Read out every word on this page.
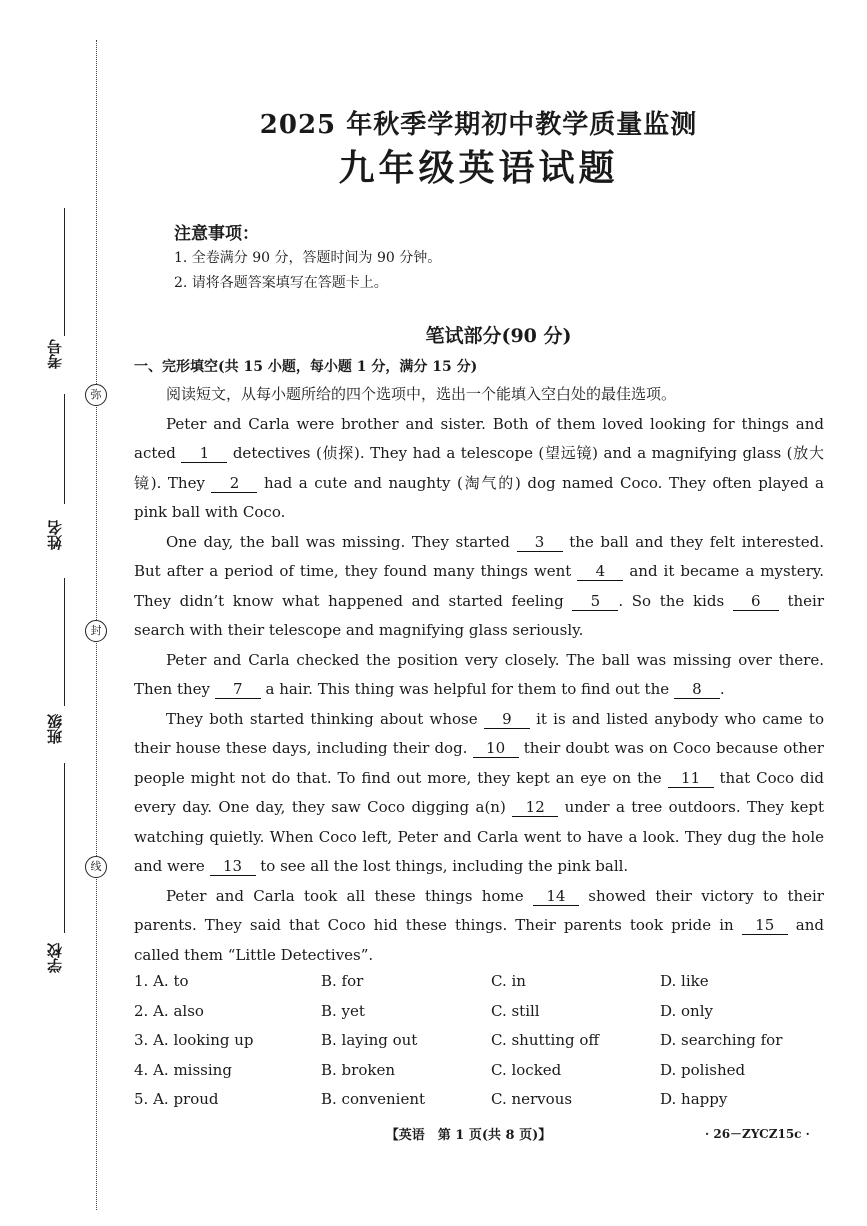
考号
姓名
班级
学校
弥
封
线
2025 年秋季学期初中教学质量监测
九年级英语试题
注意事项：
1. 全卷满分 90 分，答题时间为 90 分钟。
2. 请将各题答案填写在答题卡上。
笔试部分(90 分)
一、完形填空(共 15 小题，每小题 1 分，满分 15 分)

阅读短文，从每小题所给的四个选项中，选出一个能填入空白处的最佳选项。

Peter and Carla were brother and sister. Both of them loved looking for things and acted 1 detectives (侦探). They had a telescope (望远镜) and a magnifying glass (放大镜). They 2 had a cute and naughty (淘气的) dog named Coco. They often played a pink ball with Coco.

One day, the ball was missing. They started 3 the ball and they felt interested. But after a period of time, they found many things went 4 and it became a mystery. They didn’t know what happened and started feeling 5 . So the kids 6 their search with their telescope and magnifying glass seriously.

Peter and Carla checked the position very closely. The ball was missing over there. Then they 7 a hair. This thing was helpful for them to find out the 8 .

They both started thinking about whose 9 it is and listed anybody who came to their house these days, including their dog. 10 their doubt was on Coco because other people might not do that. To find out more, they kept an eye on the 11 that Coco did every day. One day, they saw Coco digging a(n) 12 under a tree outdoors. They kept watching quietly. When Coco left, Peter and Carla went to have a look. They dug the hole and were 13 to see all the lost things, including the pink ball.

Peter and Carla took all these things home 14 showed their victory to their parents. They said that Coco hid these things. Their parents took pride in 15 and called them “Little Detectives”.

1. A. to	B. for	C. in	D. like
2. A. also	B. yet	C. still	D. only
3. A. looking up	B. laying out	C. shutting off	D. searching for
4. A. missing	B. broken	C. locked	D. polished
5. A. proud	B. convenient	C. nervous	D. happy
【英语　第 1 页(共 8 页)】	· 26－ZYCZ15c ·
